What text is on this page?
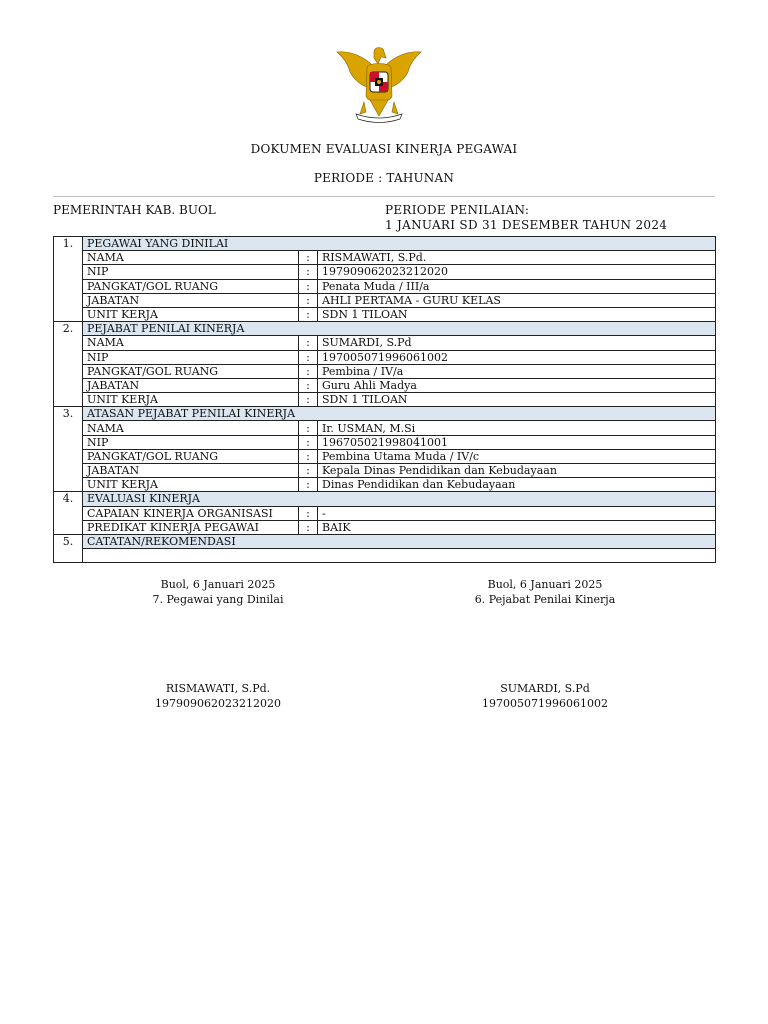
DOKUMEN EVALUASI KINERJA PEGAWAI
PERIODE : TAHUNAN
PEMERINTAH KAB. BUOL	PERIODE PENILAIAN:
1 JANUARI SD 31 DESEMBER TAHUN 2024
1.	PEGAWAI YANG DINILAI		
	NAMA	:	RISMAWATI, S.Pd.
	NIP	:	197909062023212020
	PANGKAT/GOL RUANG	:	Penata Muda / III/a
	JABATAN	:	AHLI PERTAMA - GURU KELAS
	UNIT KERJA	:	SDN 1 TILOAN
2.	PEJABAT PENILAI KINERJA		
	NAMA	:	SUMARDI, S.Pd
	NIP	:	197005071996061002
	PANGKAT/GOL RUANG	:	Pembina / IV/a
	JABATAN	:	Guru Ahli Madya
	UNIT KERJA	:	SDN 1 TILOAN
3.	ATASAN PEJABAT PENILAI KINERJA		
	NAMA	:	Ir. USMAN, M.Si
	NIP	:	196705021998041001
	PANGKAT/GOL RUANG	:	Pembina Utama Muda / IV/c
	JABATAN	:	Kepala Dinas Pendidikan dan Kebudayaan
	UNIT KERJA	:	Dinas Pendidikan dan Kebudayaan
4.	EVALUASI KINERJA		
	CAPAIAN KINERJA ORGANISASI	:	-
	PREDIKAT KINERJA PEGAWAI	:	BAIK
5.	CATATAN/REKOMENDASI		

Buol, 6 Januari 2025
7. Pegawai yang Dinilai
Buol, 6 Januari 2025
6. Pejabat Penilai Kinerja
RISMAWATI, S.Pd.
197909062023212020
SUMARDI, S.Pd
197005071996061002
